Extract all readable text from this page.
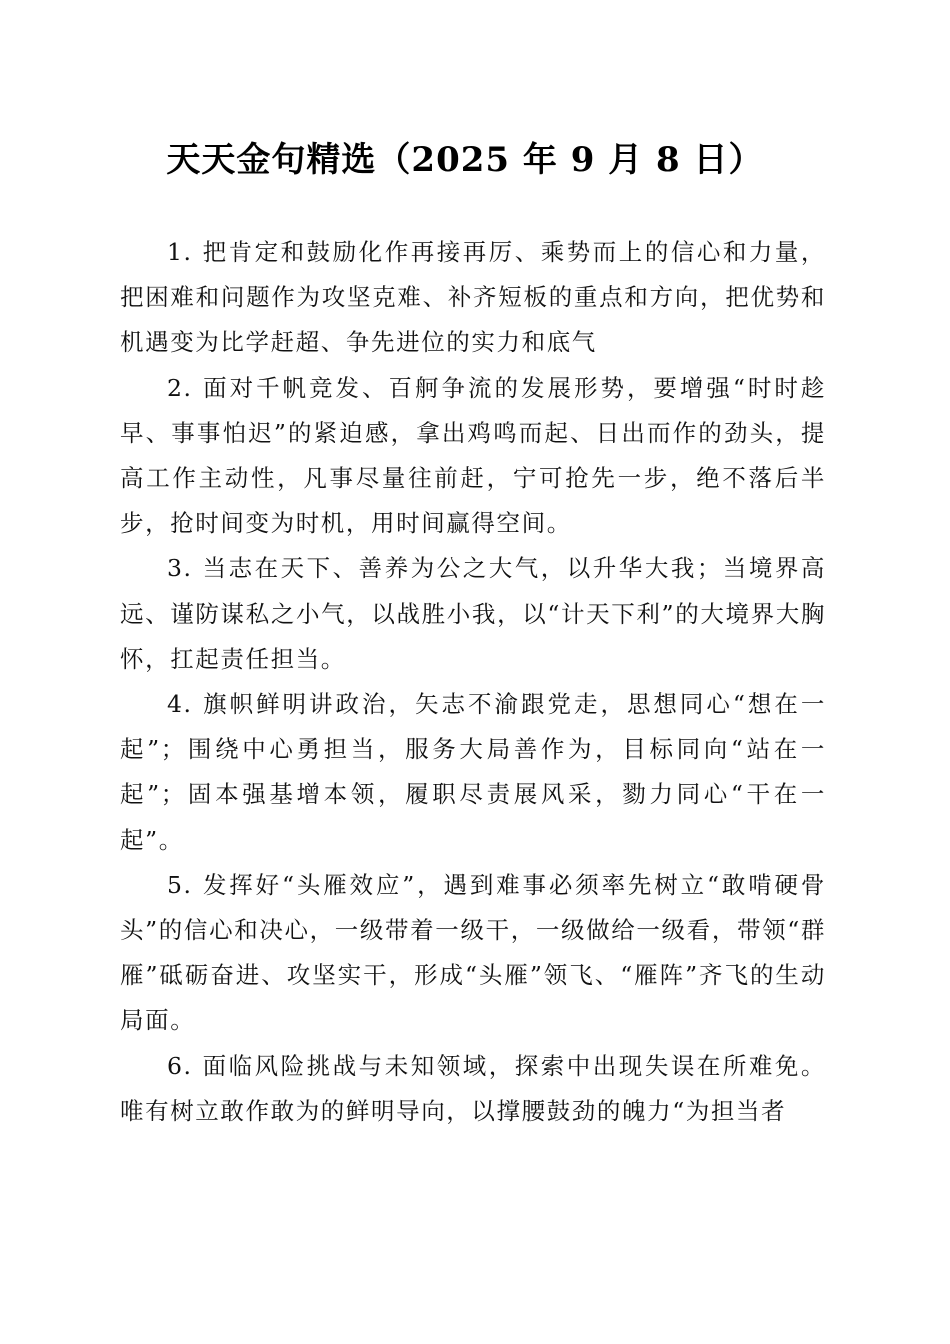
天天金句精选（2025 年 9 月 8 日）

1. 把肯定和鼓励化作再接再厉、乘势而上的信心和力量，把困难和问题作为攻坚克难、补齐短板的重点和方向，把优势和机遇变为比学赶超、争先进位的实力和底气

2. 面对千帆竞发、百舸争流的发展形势，要增强“时时趁早、事事怕迟”的紧迫感，拿出鸡鸣而起、日出而作的劲头，提高工作主动性，凡事尽量往前赶，宁可抢先一步，绝不落后半步，抢时间变为时机，用时间赢得空间。

3. 当志在天下、善养为公之大气，以升华大我；当境界高远、谨防谋私之小气，以战胜小我，以“计天下利”的大境界大胸怀，扛起责任担当。

4. 旗帜鲜明讲政治，矢志不渝跟党走，思想同心“想在一起”；围绕中心勇担当，服务大局善作为，目标同向“站在一起”；固本强基增本领，履职尽责展风采，勠力同心“干在一起”。

5. 发挥好“头雁效应”，遇到难事必须率先树立“敢啃硬骨头”的信心和决心，一级带着一级干，一级做给一级看，带领“群雁”砥砺奋进、攻坚实干，形成“头雁”领飞、“雁阵”齐飞的生动局面。

6. 面临风险挑战与未知领域，探索中出现失误在所难免。唯有树立敢作敢为的鲜明导向，以撑腰鼓劲的魄力“为担当者
